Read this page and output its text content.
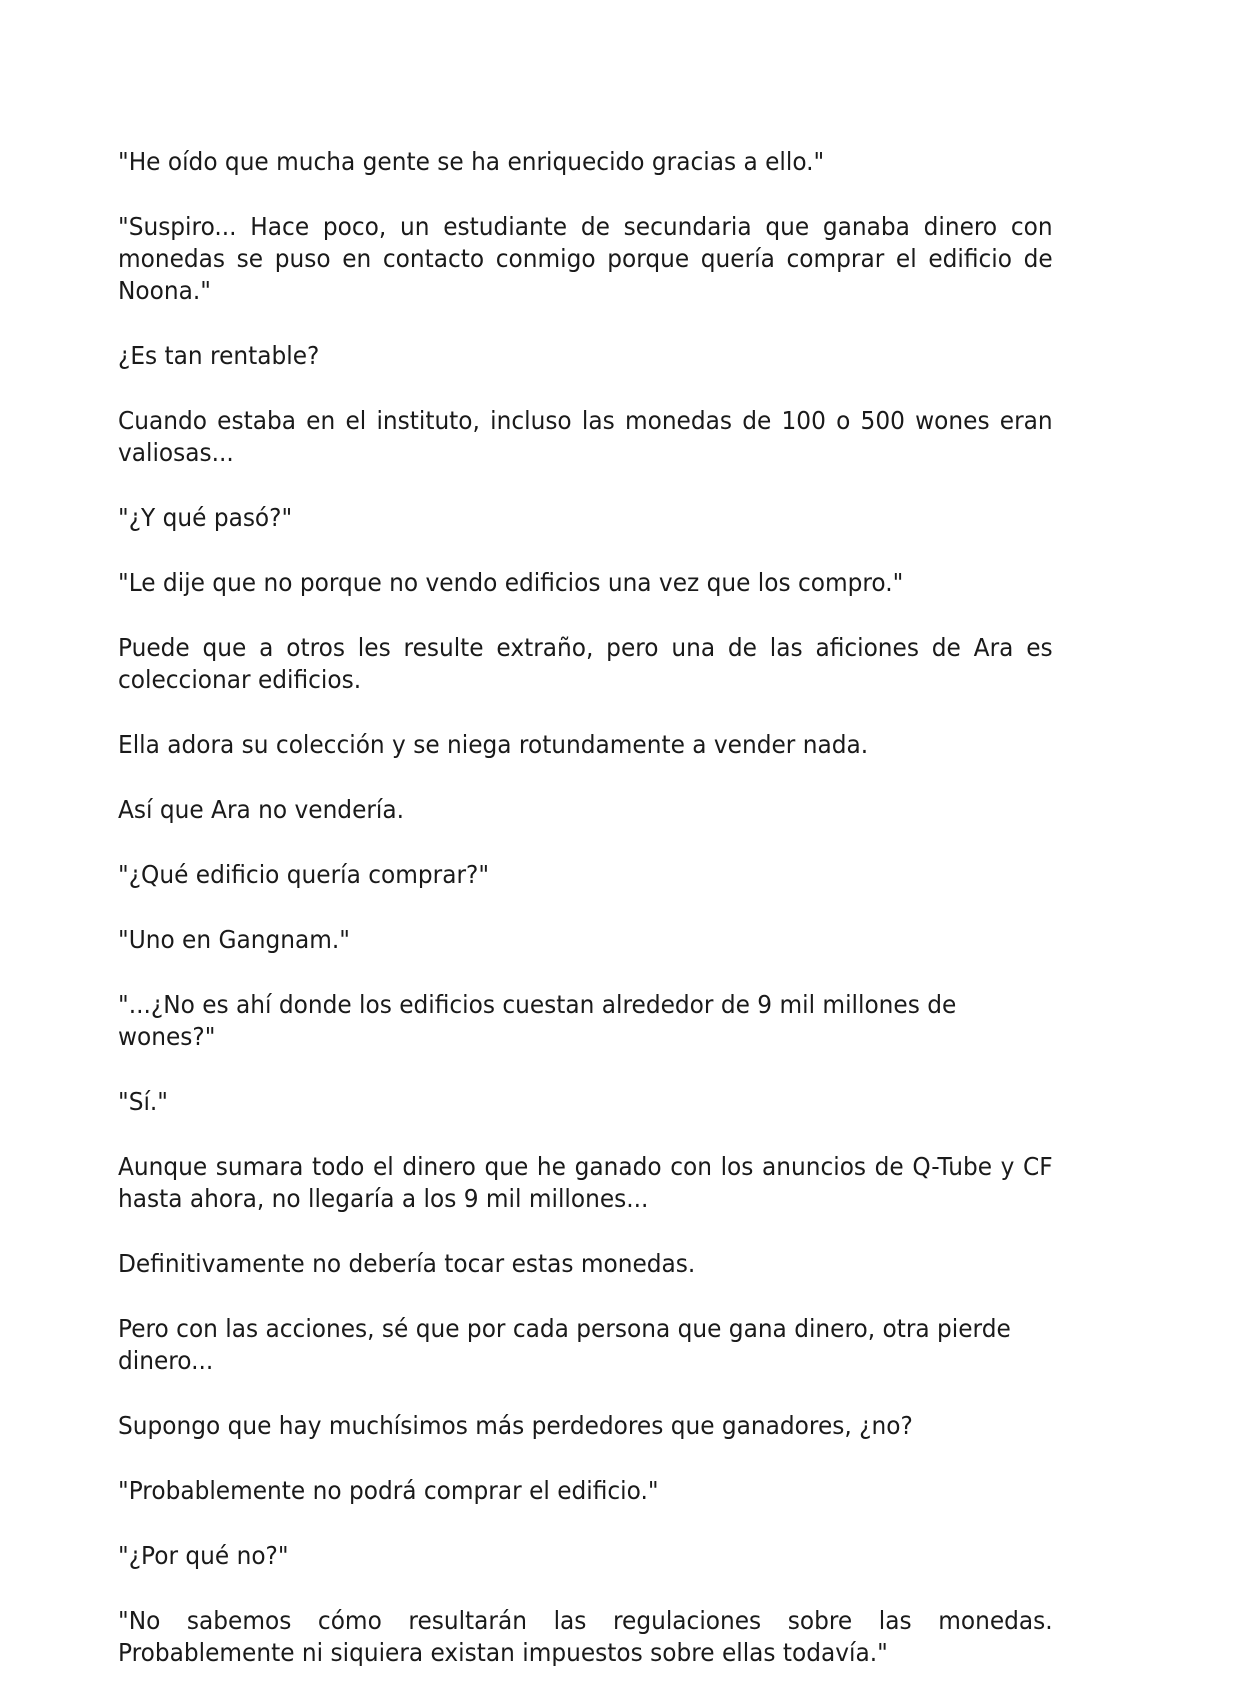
"He oído que mucha gente se ha enriquecido gracias a ello."

"Suspiro... Hace poco, un estudiante de secundaria que ganaba dinero con monedas se puso en contacto conmigo porque quería comprar el edificio de Noona."

¿Es tan rentable?

Cuando estaba en el instituto, incluso las monedas de 100 o 500 wones eran valiosas...

"¿Y qué pasó?"

"Le dije que no porque no vendo edificios una vez que los compro."

Puede que a otros les resulte extraño, pero una de las aficiones de Ara es coleccionar edificios.

Ella adora su colección y se niega rotundamente a vender nada.

Así que Ara no vendería.

"¿Qué edificio quería comprar?"

"Uno en Gangnam."

"...¿No es ahí donde los edificios cuestan alrededor de 9 mil millones de wones?"

"Sí."

Aunque sumara todo el dinero que he ganado con los anuncios de Q-Tube y CF hasta ahora, no llegaría a los 9 mil millones...

Definitivamente no debería tocar estas monedas.

Pero con las acciones, sé que por cada persona que gana dinero, otra pierde dinero...

Supongo que hay muchísimos más perdedores que ganadores, ¿no?

"Probablemente no podrá comprar el edificio."

"¿Por qué no?"

"No sabemos cómo resultarán las regulaciones sobre las monedas. Probablemente ni siquiera existan impuestos sobre ellas todavía."
